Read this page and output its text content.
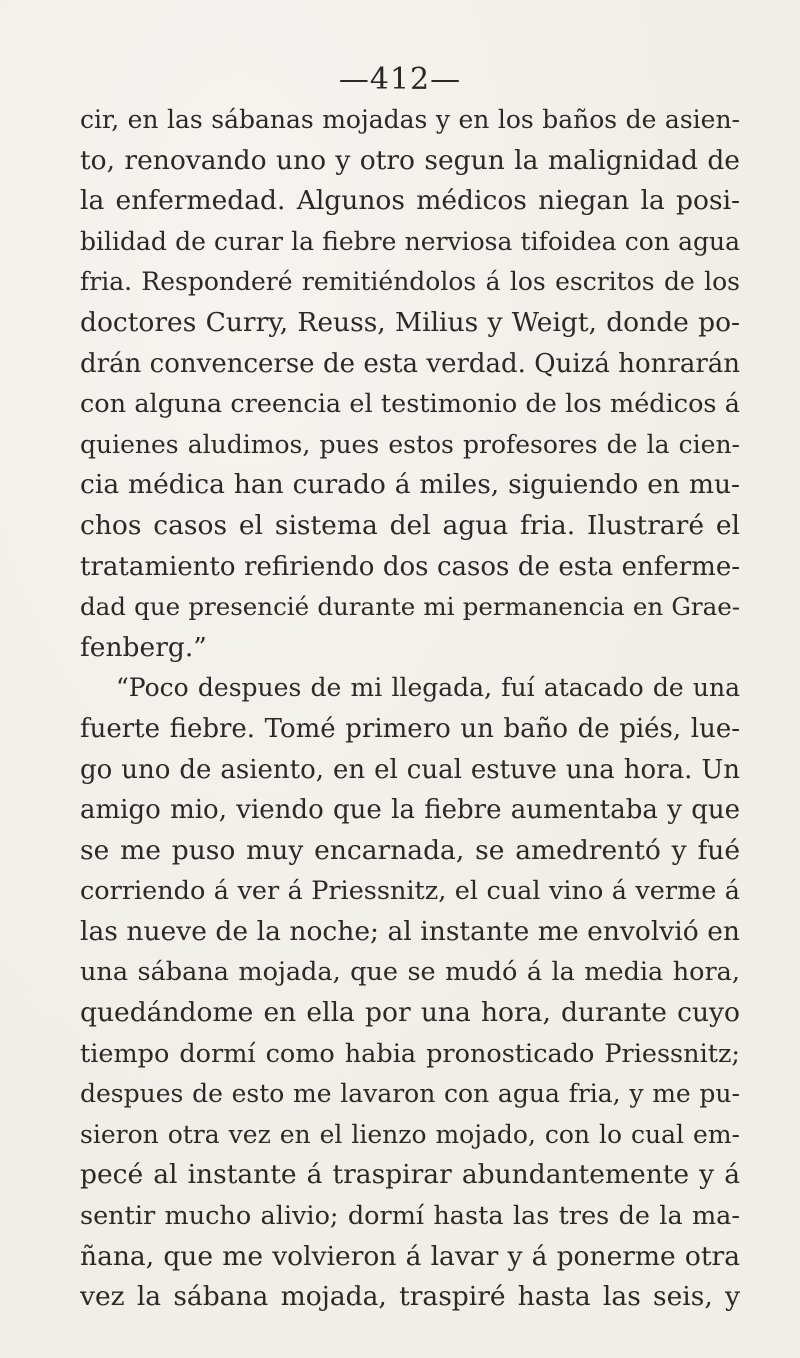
—412—
cir, en las sábanas mojadas y en los baños de asien-
to, renovando uno y otro segun la malignidad de
la enfermedad. Algunos médicos niegan la posi-
bilidad de curar la fiebre nerviosa tifoidea con agua
fria. Responderé remitiéndolos á los escritos de los
doctores Curry, Reuss, Milius y Weigt, donde po-
drán convencerse de esta verdad. Quizá honrarán
con alguna creencia el testimonio de los médicos á
quienes aludimos, pues estos profesores de la cien-
cia médica han curado á miles, siguiendo en mu-
chos casos el sistema del agua fria. Ilustraré el
tratamiento refiriendo dos casos de esta enferme-
dad que presencié durante mi permanencia en Grae-
fenberg.”
“Poco despues de mi llegada, fuí atacado de una
fuerte fiebre. Tomé primero un baño de piés, lue-
go uno de asiento, en el cual estuve una hora. Un
amigo mio, viendo que la fiebre aumentaba y que
se me puso muy encarnada, se amedrentó y fué
corriendo á ver á Priessnitz, el cual vino á verme á
las nueve de la noche; al instante me envolvió en
una sábana mojada, que se mudó á la media hora,
quedándome en ella por una hora, durante cuyo
tiempo dormí como habia pronosticado Priessnitz;
despues de esto me lavaron con agua fria, y me pu-
sieron otra vez en el lienzo mojado, con lo cual em-
pecé al instante á traspirar abundantemente y á
sentir mucho alivio; dormí hasta las tres de la ma-
ñana, que me volvieron á lavar y á ponerme otra
vez la sábana mojada, traspiré hasta las seis, y
